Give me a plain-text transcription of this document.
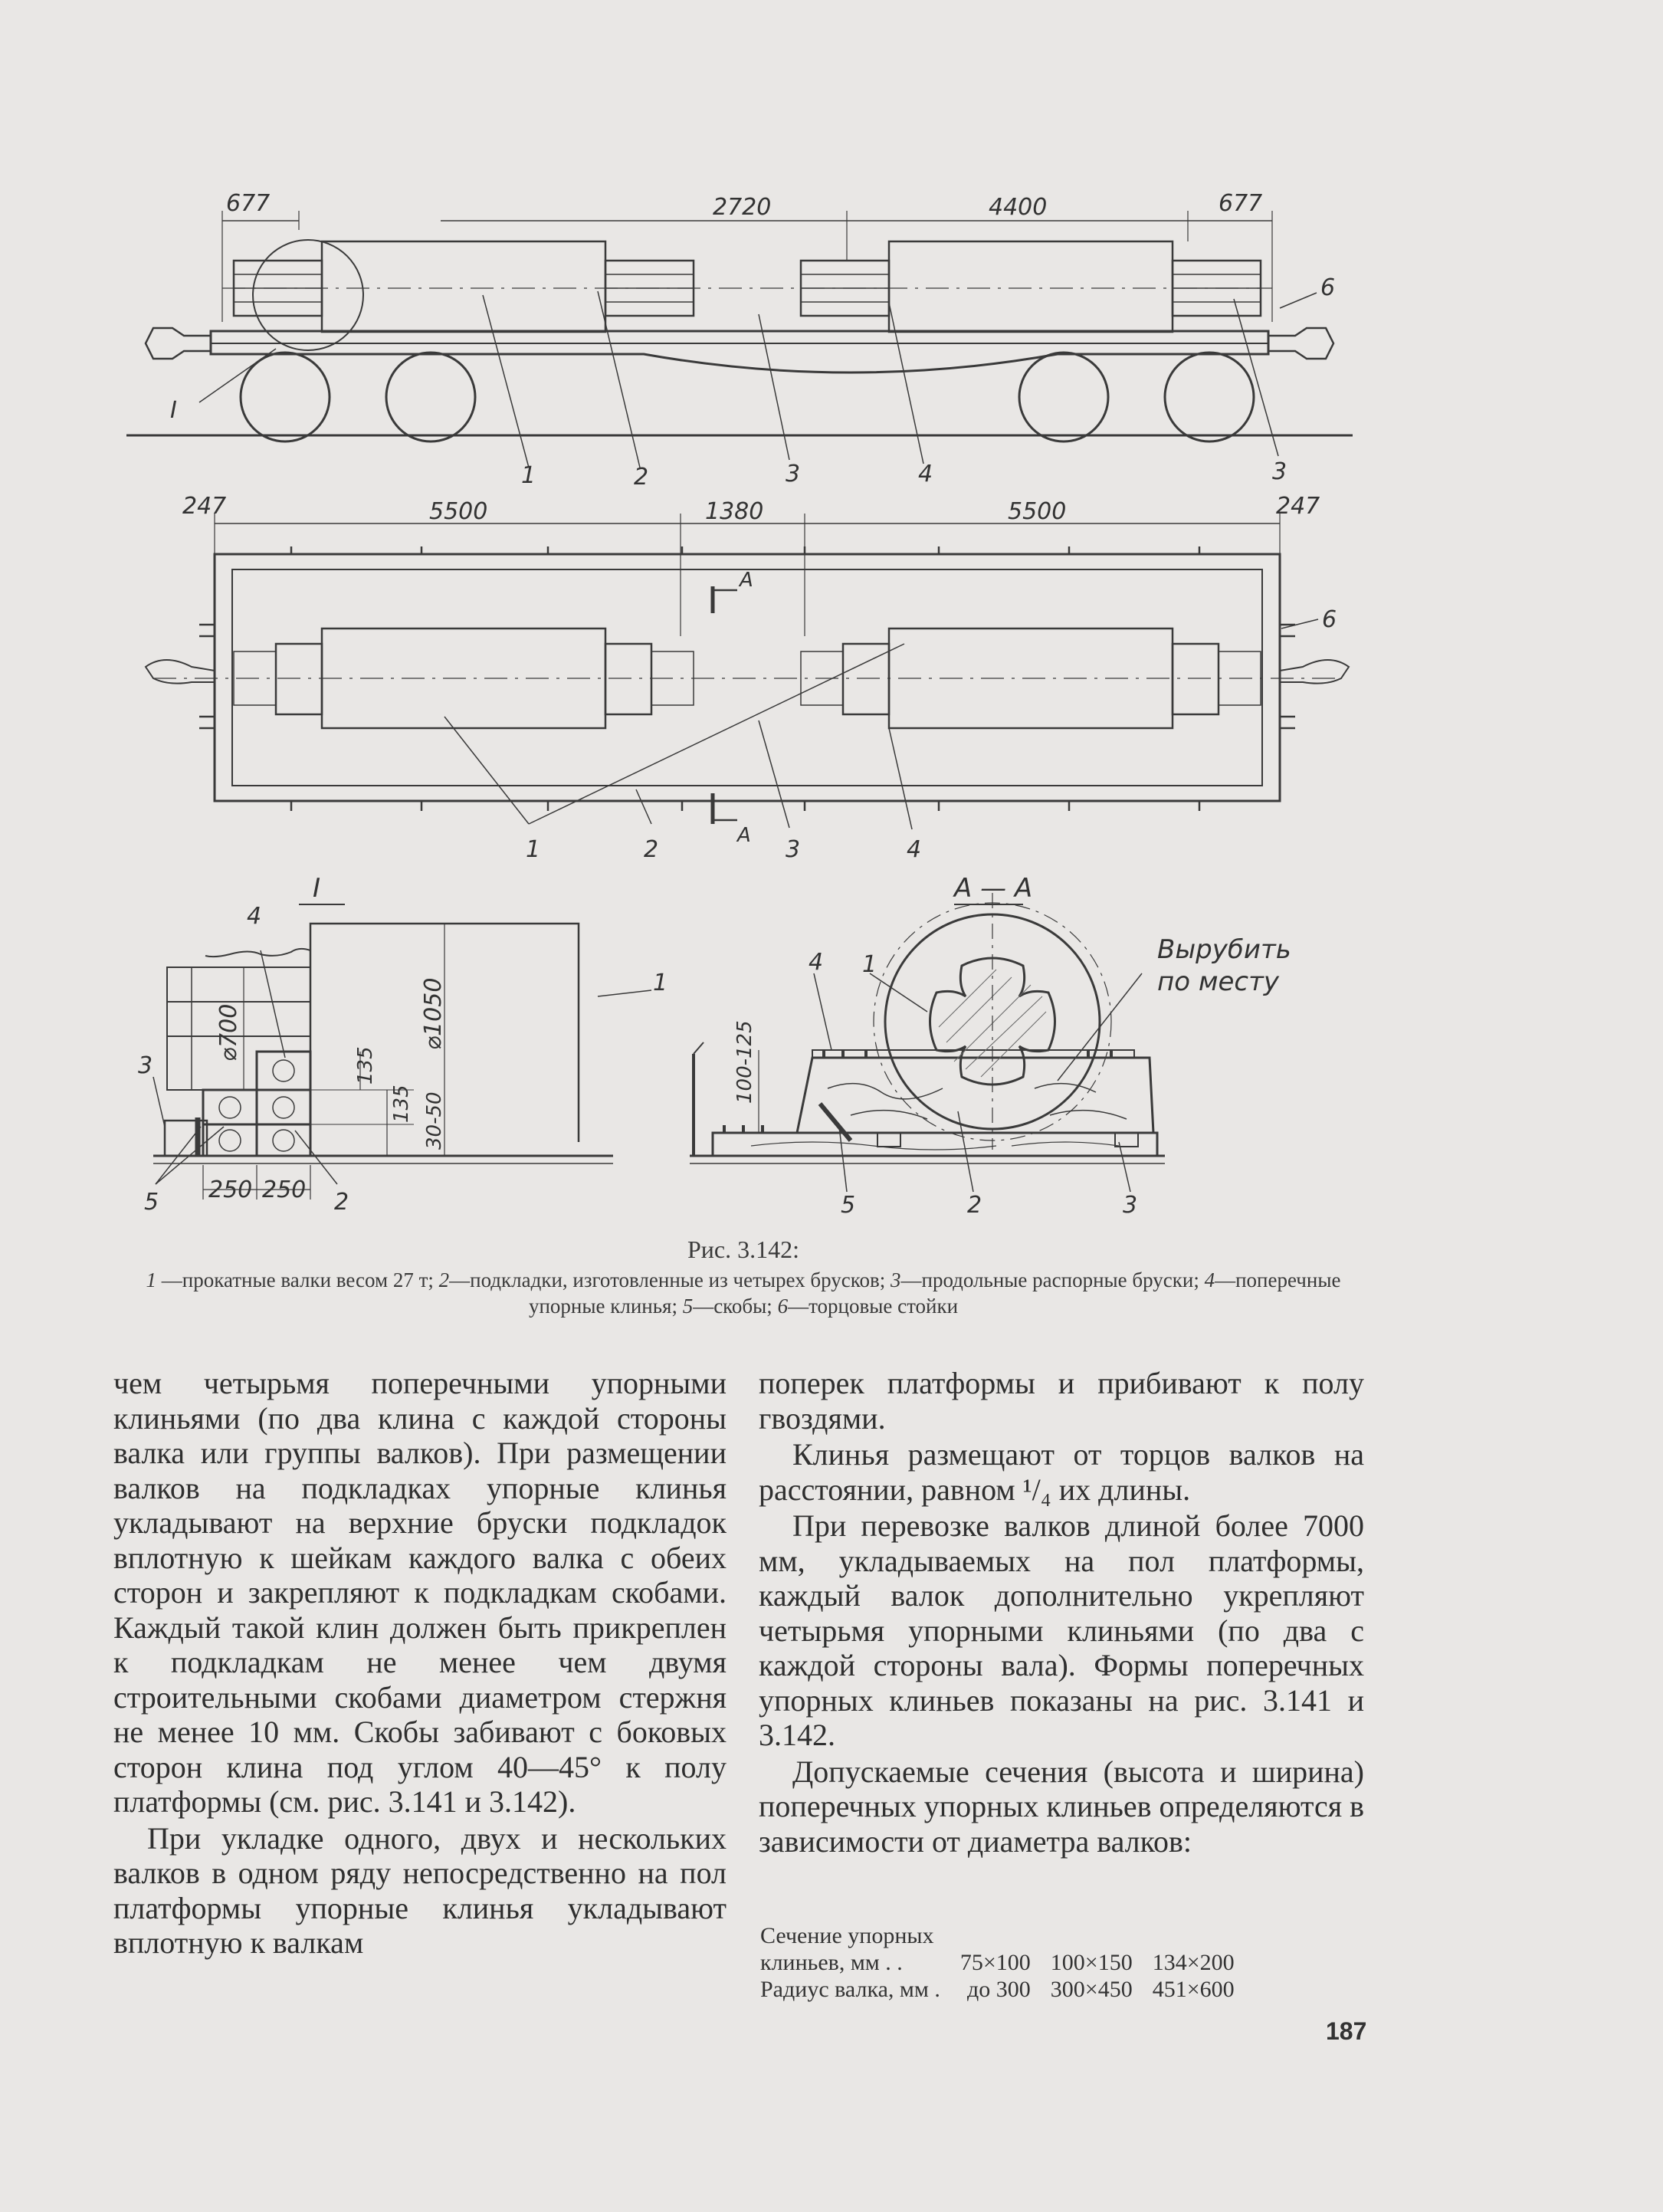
677	2720	4400	677
I
1	2	3	4	3
6
247	5500	1380	5500	247
A
A
1	2	3	4
6
I
⌀700	⌀1050
135
135 30-50
250 250
4
1
3
5	2
А — А
Вырубить
по месту
100-125
4 1
5	2	3
Рис. 3.142:
1 —прокатные валки весом 27 т; 2—подкладки, изготовленные из четырех брусков; 3—продольные распорные бруски; 4—поперечные упорные клинья; 5—скобы; 6—торцовые стойки

чем четырьмя поперечными упорными клиньями (по два клина с каждой стороны валка или группы валков). При размещении валков на подкладках упорные клинья укладывают на верхние бруски подкладок вплотную к шейкам каждого валка с обеих сторон и закрепляют к подкладкам скобами. Каждый такой клин должен быть прикреплен к подкладкам не менее чем двумя строительными скобами диаметром стержня не менее 10 мм. Скобы забивают с боковых сторон клина под углом 40—45° к полу платформы (см. рис. 3.141 и 3.142).

При укладке одного, двух и нескольких валков в одном ряду непосредственно на пол платформы упорные клинья укладывают вплотную к валкам

поперек платформы и прибивают к полу гвоздями.

Клинья размещают от торцов валков на расстоянии, равном ¹/₄ их длины.

При перевозке валков длиной более 7000 мм, укладываемых на пол платформы, каждый валок дополнительно укрепляют четырьмя упорными клиньями (по два с каждой стороны вала). Формы поперечных упорных клиньев показаны на рис. 3.141 и 3.142.

Допускаемые сечения (высота и ширина) поперечных упорных клиньев определяются в зависимости от диаметра валков:

Сечение упорных			
клиньев, мм . .	75×100	100×150	134×200
Радиус валка, мм .	до 300	300×450	451×600
187
